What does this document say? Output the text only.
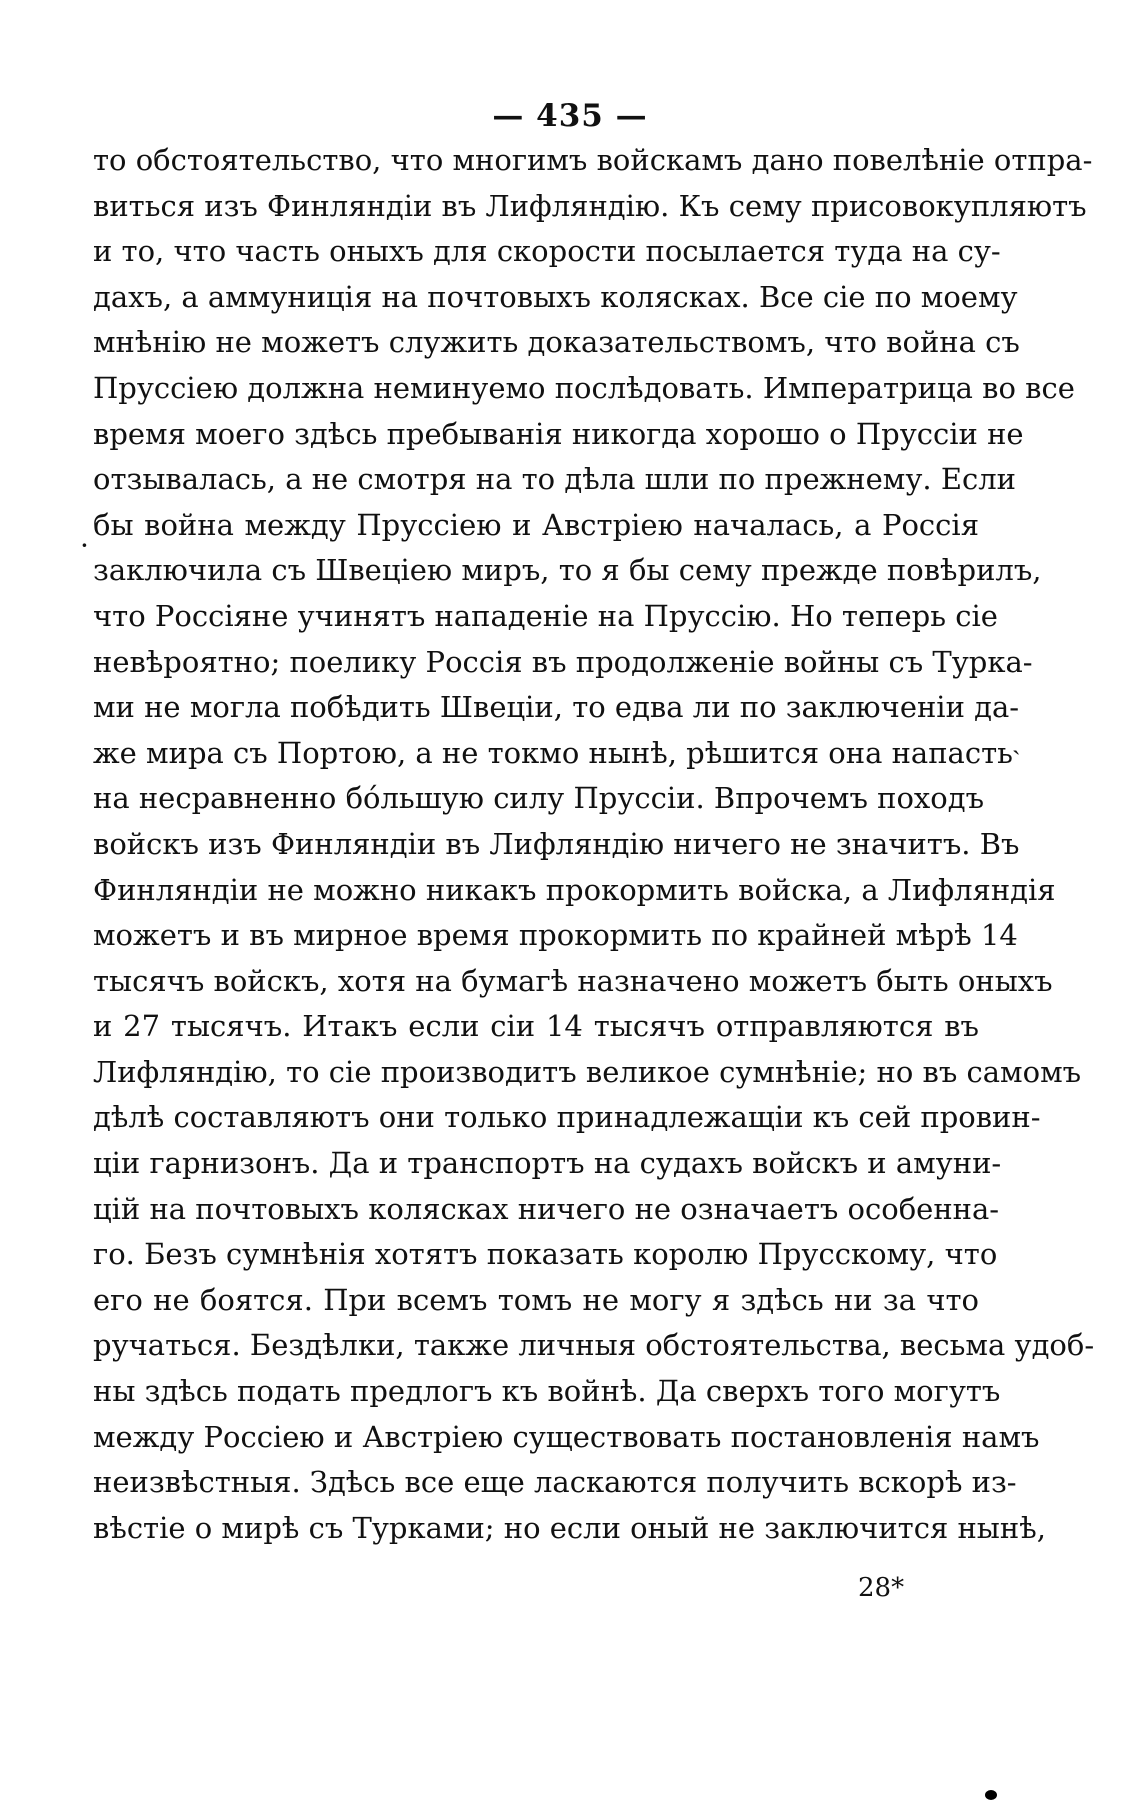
— 435 —
·
ˎ
то обстоятельство, что многимъ войскамъ дано повелѣніе отпра-
виться изъ Финляндіи въ Лифляндію. Къ сему присовокупляютъ
и то, что часть оныхъ для скорости посылается туда на су-
дахъ, а аммуниція на почтовыхъ колясках. Все сіе по моему
мнѣнію не можетъ служить доказательствомъ, что война съ
Пруссіею должна неминуемо послѣдовать. Императрица во все
время моего здѣсь пребыванія никогда хорошо о Пруссіи не
отзывалась, а не смотря на то дѣла шли по прежнему. Если
бы война между Пруссіею и Австріею началась, а Россія
заключила съ Швеціею миръ, то я бы сему прежде повѣрилъ,
что Россіяне учинятъ нападеніе на Пруссію. Но теперь сіе
невѣроятно; поелику Россія въ продолженіе войны съ Турка-
ми не могла побѣдить Швеціи, то едва ли по заключеніи да-
же мира съ Портою, а не токмо нынѣ, рѣшится она напасть
на несравненно бóльшую силу Пруссіи. Впрочемъ походъ
войскъ изъ Финляндіи въ Лифляндію ничего не значитъ. Въ
Финляндіи не можно никакъ прокормить войска, а Лифляндія
можетъ и въ мирное время прокормить по крайней мѣрѣ 14
тысячъ войскъ, хотя на бумагѣ назначено можетъ быть оныхъ
и 27 тысячъ. Итакъ если сіи 14 тысячъ отправляются въ
Лифляндію, то сіе производитъ великое сумнѣніе; но въ самомъ
дѣлѣ составляютъ они только принадлежащіи къ сей провин-
ціи гарнизонъ. Да и транспортъ на судахъ войскъ и амуни-
цій на почтовыхъ колясках ничего не означаетъ особенна-
го. Безъ сумнѣнія хотятъ показать королю Прусскому, что
его не боятся. При всемъ томъ не могу я здѣсь ни за что
ручаться. Бездѣлки, также личныя обстоятельства, весьма удоб-
ны здѣсь подать предлогъ къ войнѣ. Да сверхъ того могутъ
между Россіею и Австріею существовать постановленія намъ
неизвѣстныя. Здѣсь все еще ласкаются получить вскорѣ из-
вѣстіе о мирѣ съ Турками; но если оный не заключится нынѣ,
28*
